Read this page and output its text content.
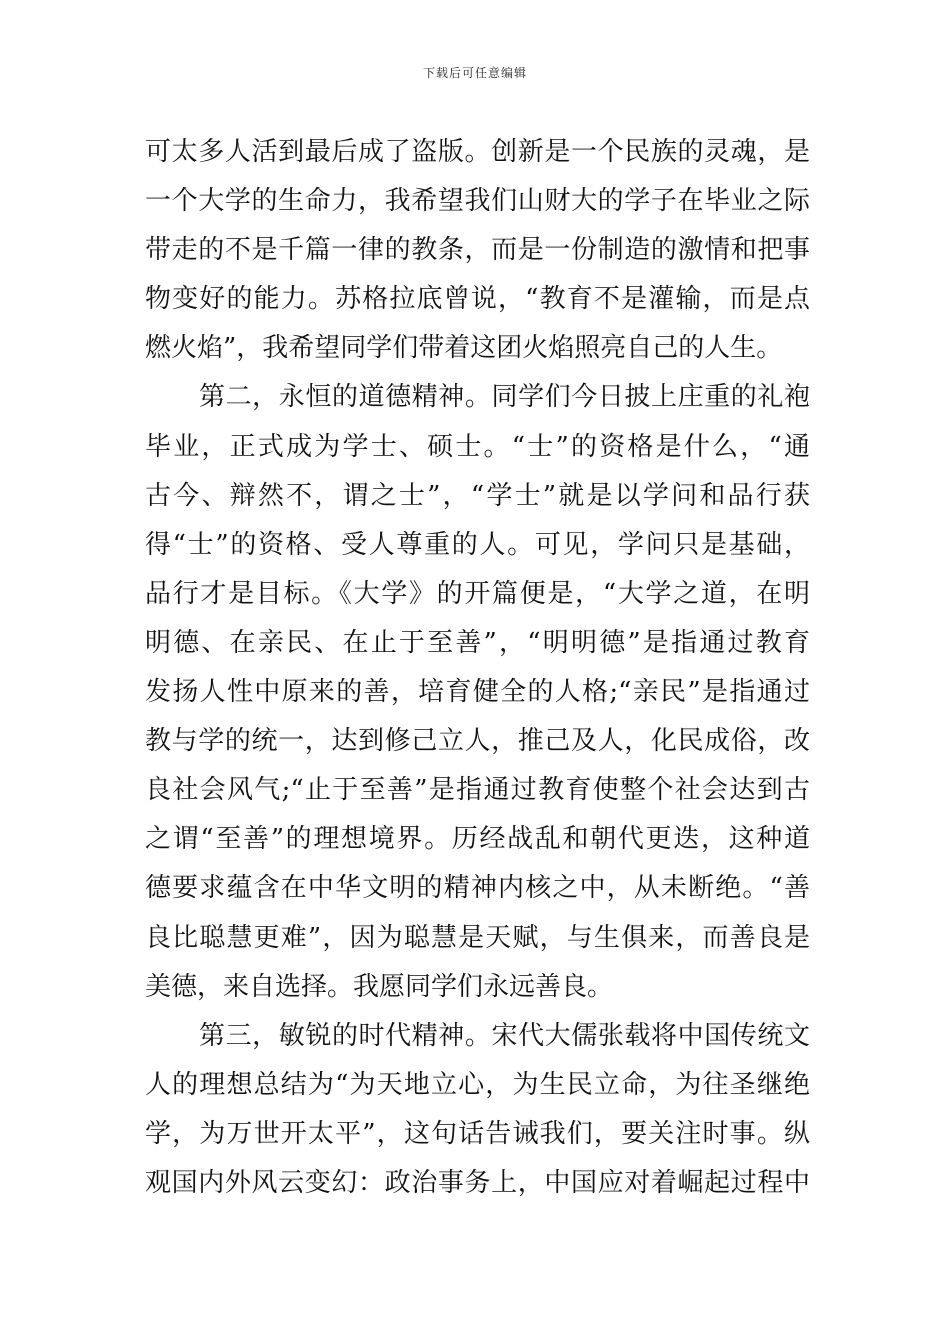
下载后可任意编辑
可太多人活到最后成了盗版。创新是一个民族的灵魂，是
一个大学的生命力，我希望我们山财大的学子在毕业之际
带走的不是千篇一律的教条，而是一份制造的激情和把事
物变好的能力。苏格拉底曾说，“教育不是灌输，而是点
燃火焰”，我希望同学们带着这团火焰照亮自己的人生。
第二，永恒的道德精神。同学们今日披上庄重的礼袍
毕业，正式成为学士、硕士。“士”的资格是什么，“通
古今、辩然不，谓之士”，“学士”就是以学问和品行获
得“士”的资格、受人尊重的人。可见，学问只是基础，
品行才是目标。《大学》的开篇便是，“大学之道，在明
明德、在亲民、在止于至善”，“明明德”是指通过教育
发扬人性中原来的善，培育健全的人格;“亲民”是指通过
教与学的统一，达到修己立人，推己及人，化民成俗，改
良社会风气;“止于至善”是指通过教育使整个社会达到古
之谓“至善”的理想境界。历经战乱和朝代更迭，这种道
德要求蕴含在中华文明的精神内核之中，从未断绝。“善
良比聪慧更难”，因为聪慧是天赋，与生俱来，而善良是
美德，来自选择。我愿同学们永远善良。
第三，敏锐的时代精神。宋代大儒张载将中国传统文
人的理想总结为“为天地立心，为生民立命，为往圣继绝
学，为万世开太平”，这句话告诫我们，要关注时事。纵
观国内外风云变幻：政治事务上，中国应对着崛起过程中
